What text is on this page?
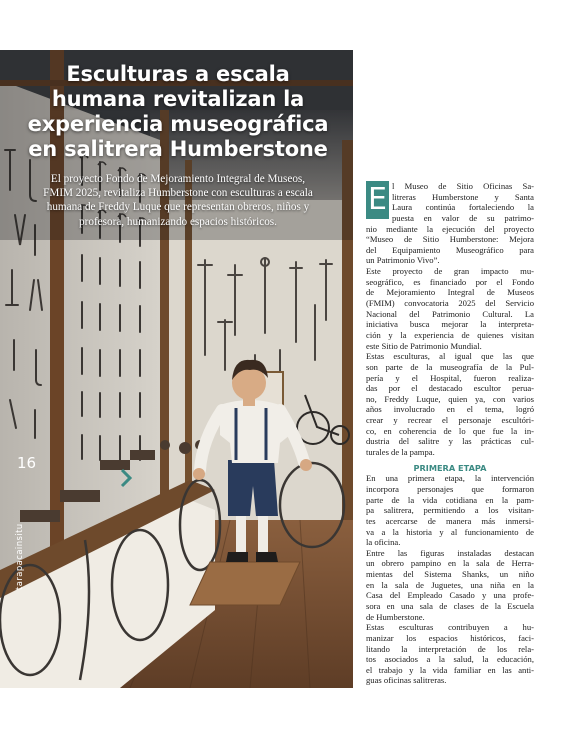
Esculturas a escala
humana revitalizan la
experiencia museográfica
en salitrera Humberstone

El proyecto Fondo de Mejoramiento Integral de Museos,
FMIM 2025, revitaliza Humberstone con esculturas a escala
humana de Freddy Luque que representan obreros, niños y
profesora, humanizando espacios históricos.

16
tarapacainsitu
E l Museo de Sitio Oficinas Sa-
litreras Humberstone y Santa
Laura continúa fortaleciendo la
puesta en valor de su patrimo-
nio mediante la ejecución del proyecto
“Museo de Sitio Humberstone: Mejora
del Equipamiento Museográfico para
un Patrimonio Vivo”.
Este proyecto de gran impacto mu-
seográfico, es financiado por el Fondo
de Mejoramiento Integral de Museos
(FMIM) convocatoria 2025 del Servicio
Nacional del Patrimonio Cultural. La
iniciativa busca mejorar la interpreta-
ción y la experiencia de quienes visitan
este Sitio de Patrimonio Mundial.
Estas esculturas, al igual que las que
son parte de la museografía de la Pul-
pería y el Hospital, fueron realiza-
das por el destacado escultor perua-
no, Freddy Luque, quien ya, con varios
años involucrado en el tema, logró
crear y recrear el personaje escultóri-
co, en coherencia de lo que fue la in-
dustria del salitre y las prácticas cul-
turales de la pampa.
PRIMERA ETAPA
En una primera etapa, la intervención
incorpora personajes que formaron
parte de la vida cotidiana en la pam-
pa salitrera, permitiendo a los visitan-
tes acercarse de manera más inmersi-
va a la historia y al funcionamiento de
la oficina.
Entre las figuras instaladas destacan
un obrero pampino en la sala de Herra-
mientas del Sistema Shanks, un niño
en la sala de Juguetes, una niña en la
Casa del Empleado Casado y una profe-
sora en una sala de clases de la Escuela
de Humberstone.
Estas esculturas contribuyen a hu-
manizar los espacios históricos, faci-
litando la interpretación de los rela-
tos asociados a la salud, la educación,
el trabajo y la vida familiar en las anti-
guas oficinas salitreras.
